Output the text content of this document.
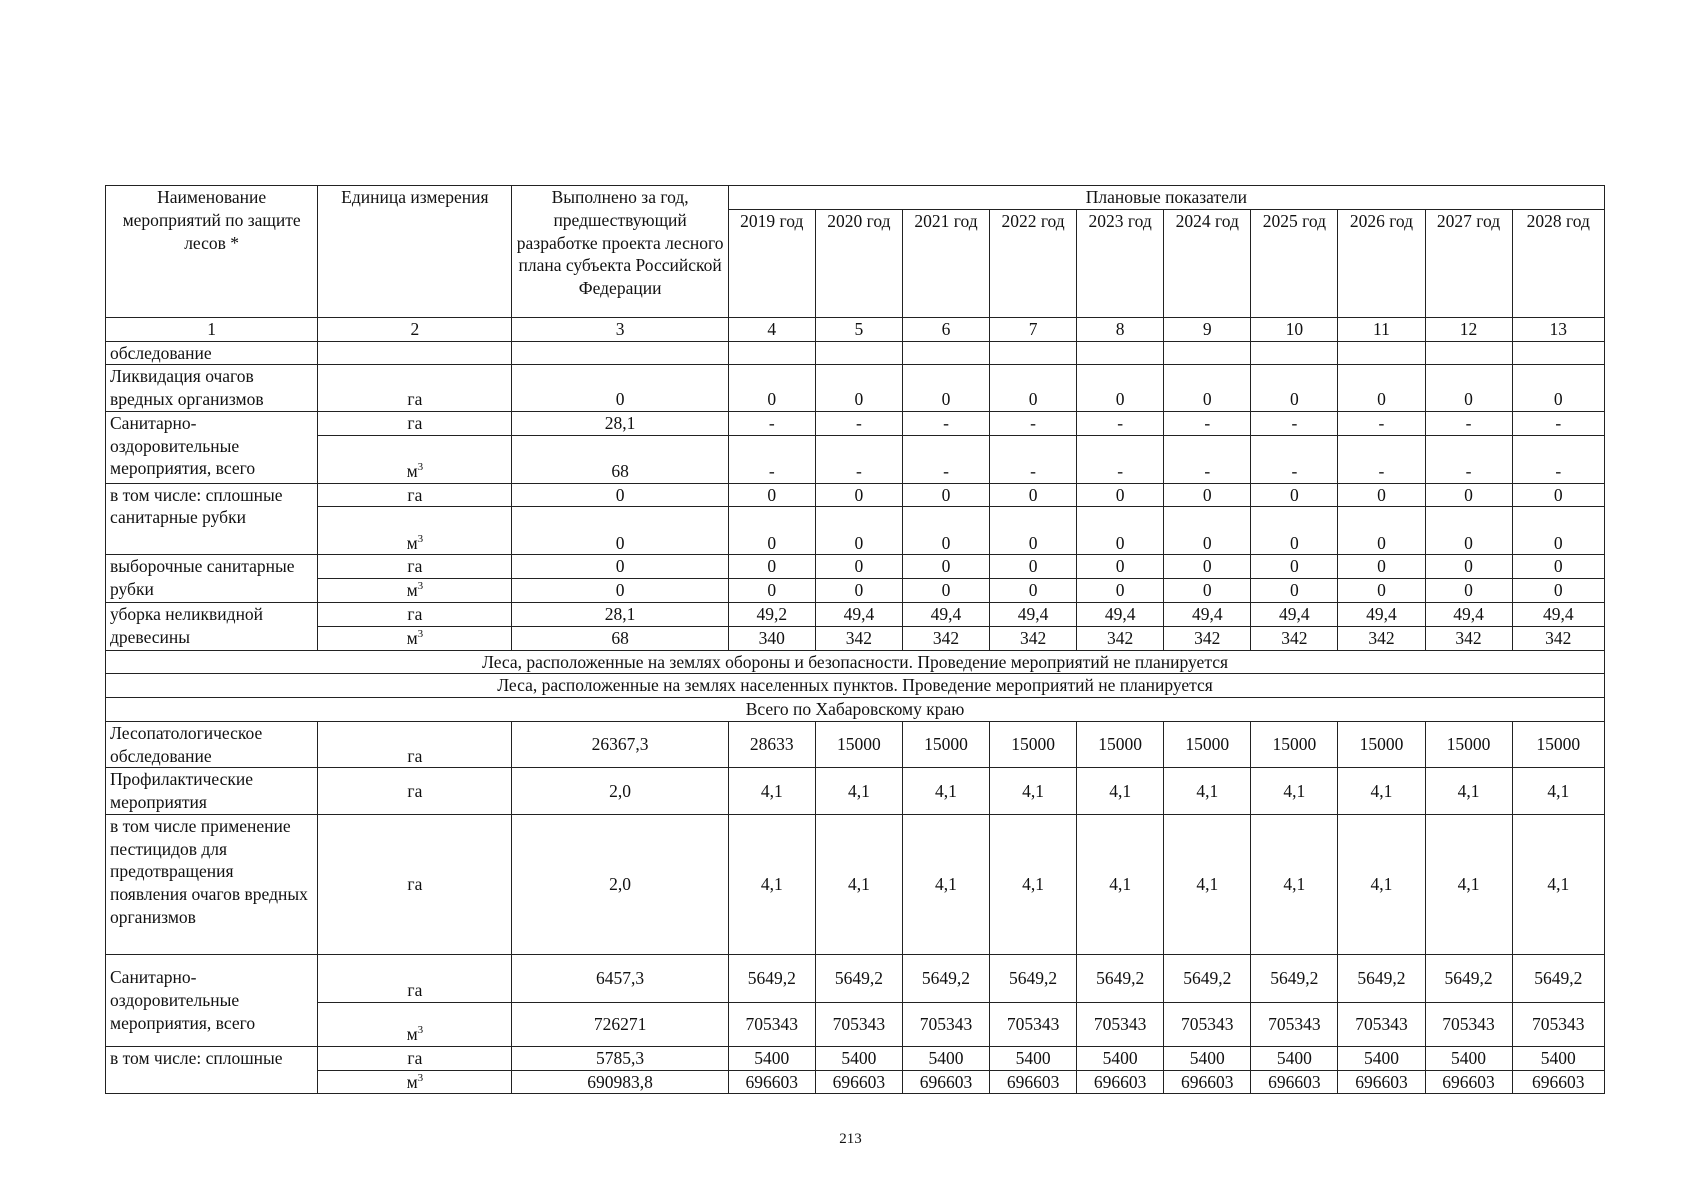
Наименование мероприятий по защите лесов *	Единица измерения	Выполнено за год, предшествующий разработке проекта лесного плана субъекта Российской Федерации	Плановые показатели									
			2019 год	2020 год	2021 год	2022 год	2023 год	2024 год	2025 год	2026 год	2027 год	2028 год
1	2	3	4	5	6	7	8	9	10	11	12	13
обследование												
Ликвидация очагов вредных организмов	га	0	0	0	0	0	0	0	0	0	0	0
Санитарно-оздоровительные мероприятия, всего	га	28,1	-	-	-	-	-	-	-	-	-	-
	$м^3$	68	-	-	-	-	-	-	-	-	-	-
в том числе: сплошные санитарные рубки	га	0	0	0	0	0	0	0	0	0	0	0
	$м^3$	0	0	0	0	0	0	0	0	0	0	0
выборочные санитарные рубки	га	0	0	0	0	0	0	0	0	0	0	0
	$м^3$	0	0	0	0	0	0	0	0	0	0	0
уборка неликвидной древесины	га	28,1	49,2	49,4	49,4	49,4	49,4	49,4	49,4	49,4	49,4	49,4
	$м^3$	68	340	342	342	342	342	342	342	342	342	342
Леса, расположенные на землях обороны и безопасности. Проведение мероприятий не планируется												
Леса, расположенные на землях населенных пунктов. Проведение мероприятий не планируется												
Всего по Хабаровскому краю												
Лесопатологическое обследование	га	26367,3	28633	15000	15000	15000	15000	15000	15000	15000	15000	15000
Профилактические мероприятия	га	2,0	4,1	4,1	4,1	4,1	4,1	4,1	4,1	4,1	4,1	4,1
в том числе применение пестицидов для предотвращения появления очагов вредных организмов	га	2,0	4,1	4,1	4,1	4,1	4,1	4,1	4,1	4,1	4,1	4,1
Санитарно-оздоровительные мероприятия, всего	га	6457,3	5649,2	5649,2	5649,2	5649,2	5649,2	5649,2	5649,2	5649,2	5649,2	5649,2
	$м^3$	726271	705343	705343	705343	705343	705343	705343	705343	705343	705343	705343
в том числе: сплошные	га	5785,3	5400	5400	5400	5400	5400	5400	5400	5400	5400	5400
	$м^3$	690983,8	696603	696603	696603	696603	696603	696603	696603	696603	696603	696603
213
